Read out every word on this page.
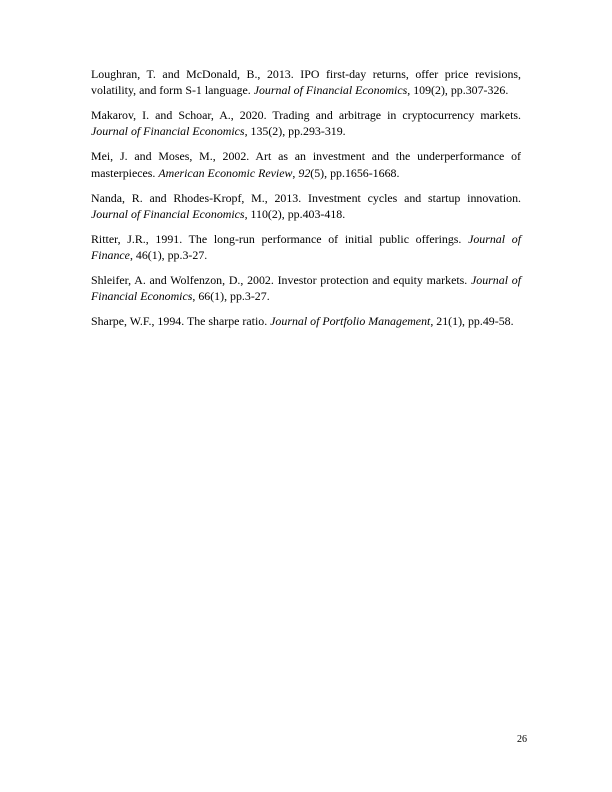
Loughran, T. and McDonald, B., 2013. IPO first-day returns, offer price revisions, volatility, and form S-1 language. Journal of Financial Economics, 109(2), pp.307-326.
Makarov, I. and Schoar, A., 2020. Trading and arbitrage in cryptocurrency markets. Journal of Financial Economics, 135(2), pp.293-319.
Mei, J. and Moses, M., 2002. Art as an investment and the underperformance of masterpieces. American Economic Review, 92(5), pp.1656-1668.
Nanda, R. and Rhodes-Kropf, M., 2013. Investment cycles and startup innovation. Journal of Financial Economics, 110(2), pp.403-418.
Ritter, J.R., 1991. The long-run performance of initial public offerings. Journal of Finance, 46(1), pp.3-27.
Shleifer, A. and Wolfenzon, D., 2002. Investor protection and equity markets. Journal of Financial Economics, 66(1), pp.3-27.
Sharpe, W.F., 1994. The sharpe ratio. Journal of Portfolio Management, 21(1), pp.49-58.
26
